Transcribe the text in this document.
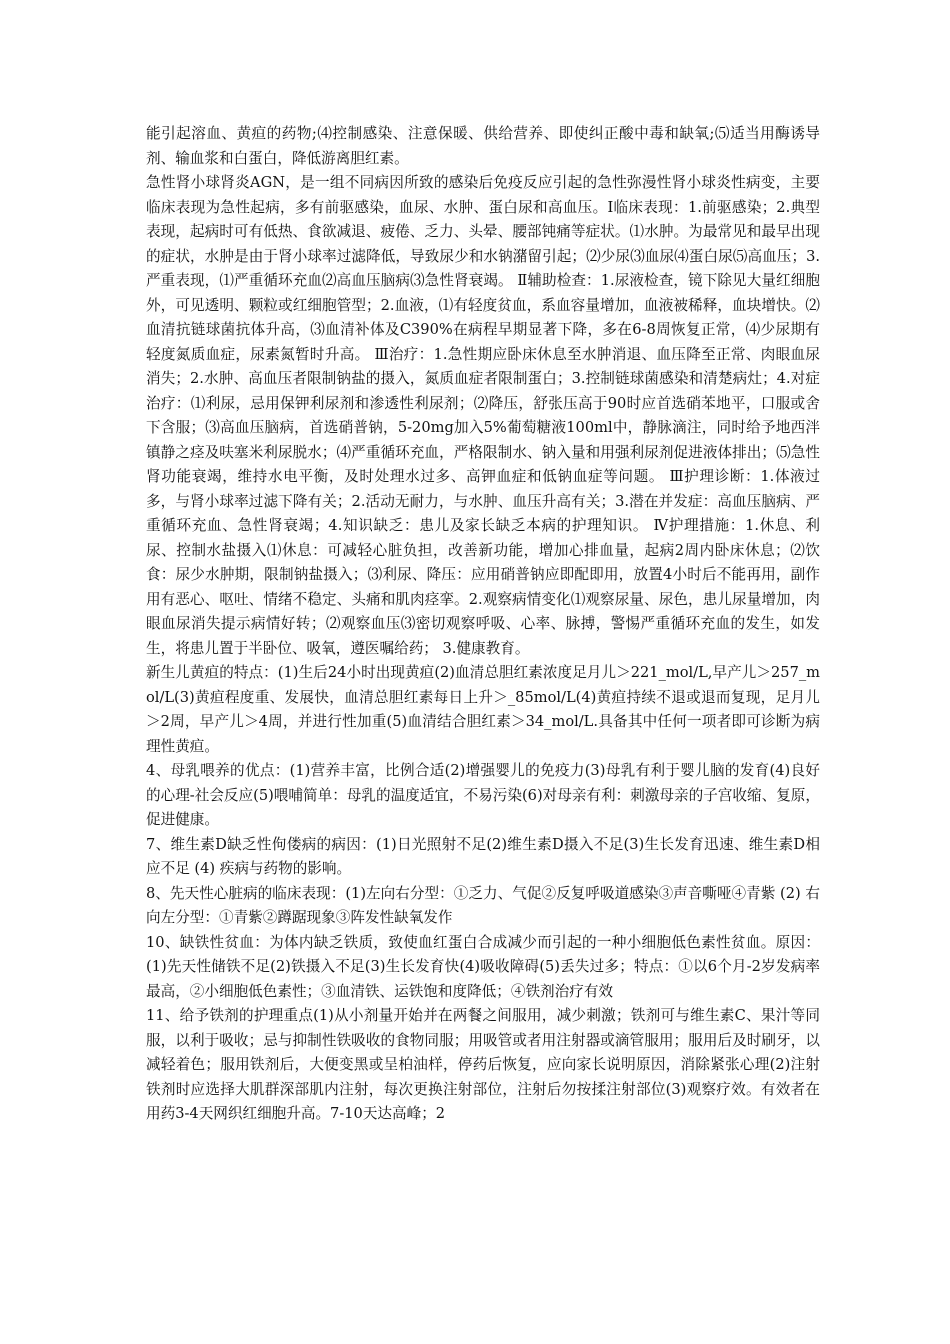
能引起溶血、黄疸的药物;⑷控制感染、注意保暖、供给营养、即使纠正酸中毒和缺氧;⑸适当用酶诱导剂、输血浆和白蛋白，降低游离胆红素。

急性肾小球肾炎AGN，是一组不同病因所致的感染后免疫反应引起的急性弥漫性肾小球炎性病变，主要临床表现为急性起病，多有前驱感染，血尿、水肿、蛋白尿和高血压。Ⅰ临床表现：1.前驱感染；2.典型表现，起病时可有低热、食欲减退、疲倦、乏力、头晕、腰部钝痛等症状。⑴水肿。为最常见和最早出现的症状，水肿是由于肾小球率过滤降低，导致尿少和水钠潴留引起；⑵少尿⑶血尿⑷蛋白尿⑸高血压；3.严重表现，⑴严重循环充血⑵高血压脑病⑶急性肾衰竭。 Ⅱ辅助检查：1.尿液检查，镜下除见大量红细胞外，可见透明、颗粒或红细胞管型；2.血液，⑴有轻度贫血，系血容量增加，血液被稀释，血块增快。⑵血清抗链球菌抗体升高，⑶血清补体及C390%在病程早期显著下降，多在6-8周恢复正常，⑷少尿期有轻度氮质血症，尿素氮暂时升高。 Ⅲ治疗：1.急性期应卧床休息至水肿消退、血压降至正常、肉眼血尿消失；2.水肿、高血压者限制钠盐的摄入，氮质血症者限制蛋白；3.控制链球菌感染和清楚病灶；4.对症治疗：⑴利尿，忌用保钾利尿剂和渗透性利尿剂；⑵降压，舒张压高于90时应首选硝苯地平，口服或舍下含服；⑶高血压脑病，首选硝普钠，5-20mg加入5%葡萄糖液100ml中，静脉滴注，同时给予地西泮镇静之痉及呋塞米利尿脱水；⑷严重循环充血，严格限制水、钠入量和用强利尿剂促进液体排出；⑸急性肾功能衰竭，维持水电平衡，及时处理水过多、高钾血症和低钠血症等问题。 Ⅲ护理诊断：1.体液过多，与肾小球率过滤下降有关；2.活动无耐力，与水肿、血压升高有关；3.潜在并发症：高血压脑病、严重循环充血、急性肾衰竭；4.知识缺乏：患儿及家长缺乏本病的护理知识。 Ⅳ护理措施：1.休息、利尿、控制水盐摄入⑴休息：可减轻心脏负担，改善新功能，增加心排血量，起病2周内卧床休息；⑵饮食：尿少水肿期，限制钠盐摄入；⑶利尿、降压：应用硝普钠应即配即用，放置4小时后不能再用，副作用有恶心、呕吐、情绪不稳定、头痛和肌肉痉挛。2.观察病情变化⑴观察尿量、尿色，患儿尿量增加，肉眼血尿消失提示病情好转；⑵观察血压⑶密切观察呼吸、心率、脉搏，警惕严重循环充血的发生，如发生，将患儿置于半卧位、吸氧，遵医嘱给药； 3.健康教育。

新生儿黄疸的特点：(1)生后24小时出现黄疸(2)血清总胆红素浓度足月儿＞221_mol/L,早产儿＞257_mol/L(3)黄疸程度重、发展快，血清总胆红素每日上升＞_85mol/L(4)黄疸持续不退或退而复现，足月儿＞2周，早产儿＞4周，并进行性加重(5)血清结合胆红素＞34_mol/L.具备其中任何一项者即可诊断为病理性黄疸。

4、母乳喂养的优点：(1)营养丰富，比例合适(2)增强婴儿的免疫力(3)母乳有利于婴儿脑的发育(4)良好的心理-社会反应(5)喂哺简单：母乳的温度适宜，不易污染(6)对母亲有利：刺激母亲的子宫收缩、复原，促进健康。

7、维生素D缺乏性佝偻病的病因：(1)日光照射不足(2)维生素D摄入不足(3)生长发育迅速、维生素D相应不足 (4) 疾病与药物的影响。

8、先天性心脏病的临床表现：(1)左向右分型：①乏力、气促②反复呼吸道感染③声音嘶哑④青紫 (2) 右向左分型：①青紫②蹲踞现象③阵发性缺氧发作

10、缺铁性贫血：为体内缺乏铁质，致使血红蛋白合成减少而引起的一种小细胞低色素性贫血。原因：(1)先天性储铁不足(2)铁摄入不足(3)生长发育快(4)吸收障碍(5)丢失过多；特点：①以6个月-2岁发病率最高，②小细胞低色素性；③血清铁、运铁饱和度降低；④铁剂治疗有效

11、给予铁剂的护理重点(1)从小剂量开始并在两餐之间服用，减少刺激；铁剂可与维生素C、果汁等同服，以利于吸收；忌与抑制性铁吸收的食物同服；用吸管或者用注射器或滴管服用；服用后及时刷牙，以减轻着色；服用铁剂后，大便变黑或呈柏油样，停药后恢复，应向家长说明原因，消除紧张心理(2)注射铁剂时应选择大肌群深部肌内注射，每次更换注射部位，注射后勿按揉注射部位(3)观察疗效。有效者在用药3-4天网织红细胞升高。7-10天达高峰；2
